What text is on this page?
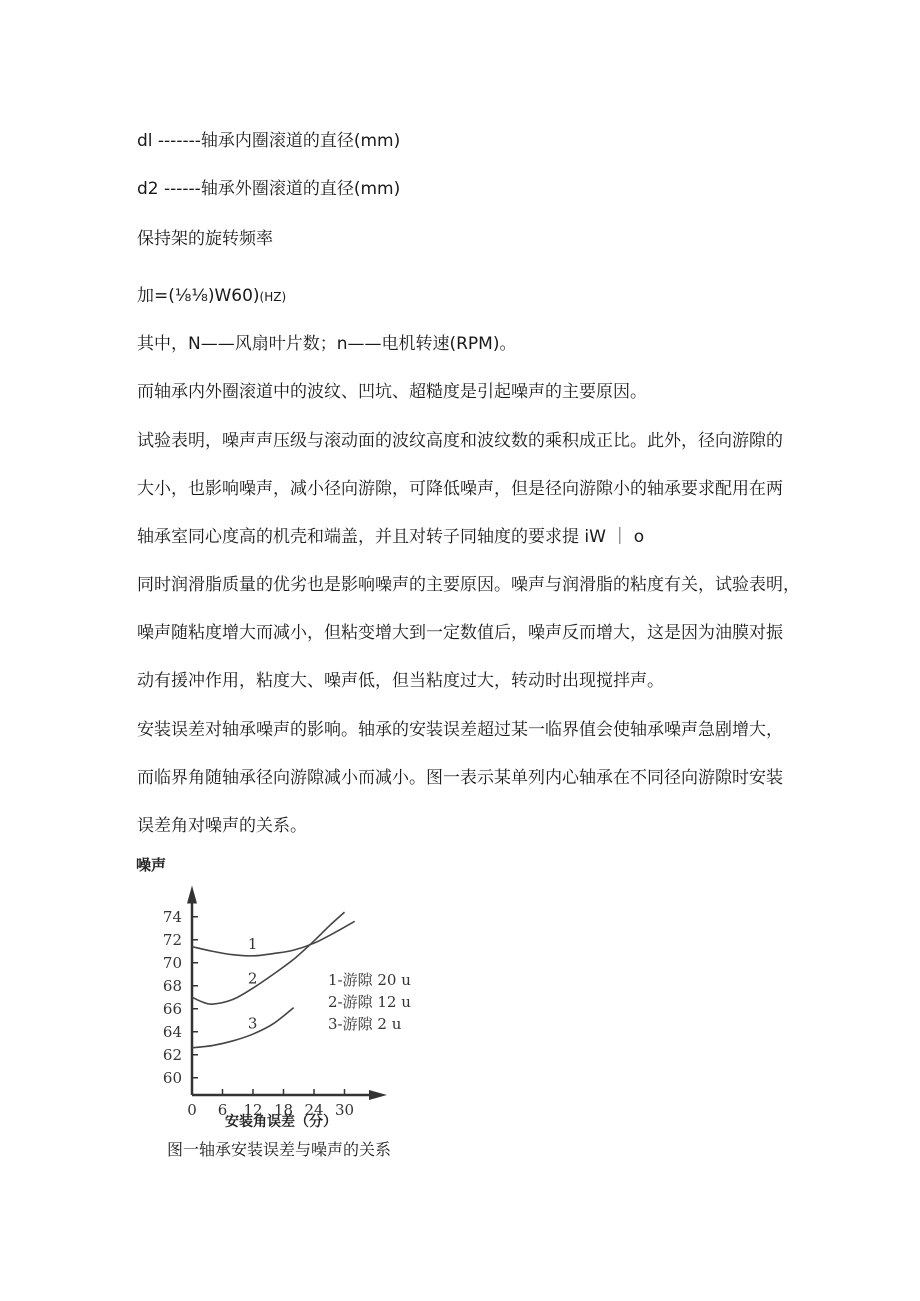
dl -------轴承内圈滚道的直径(mm)
d2 ------轴承外圈滚道的直径(mm)
保持架的旋转频率
加=(⅛⅛)W60)(HZ)
其中，N——风扇叶片数；n——电机转速(RPM)。
而轴承内外圈滚道中的波纹、凹坑、超糙度是引起噪声的主要原因。
试验表明，噪声声压级与滚动面的波纹高度和波纹数的乘积成正比。此外，径向游隙的
大小，也影响噪声，减小径向游隙，可降低噪声，但是径向游隙小的轴承要求配用在两
轴承室同心度高的机壳和端盖，并且对转子同轴度的要求提 iW ｜ o
同时润滑脂质量的优劣也是影响噪声的主要原因。噪声与润滑脂的粘度有关，试验表明，
噪声随粘度增大而减小，但粘变增大到一定数值后，噪声反而增大，这是因为油膜对振
动有援冲作用，粘度大、噪声低，但当粘度过大，转动时出现搅拌声。
安装误差对轴承噪声的影响。轴承的安装误差超过某一临界值会使轴承噪声急剧增大，
而临界角随轴承径向游隙减小而减小。图一表示某单列内心轴承在不同径向游隙时安装
误差角对噪声的关系。
噪声
安装角误差（分）
60
62
64
66
68
70
72
74
0 6 12 18 24 30
1
2
3
1-游隙 20 u
2-游隙 12 u
3-游隙 2 u
图一轴承安装误差与噪声的关系
